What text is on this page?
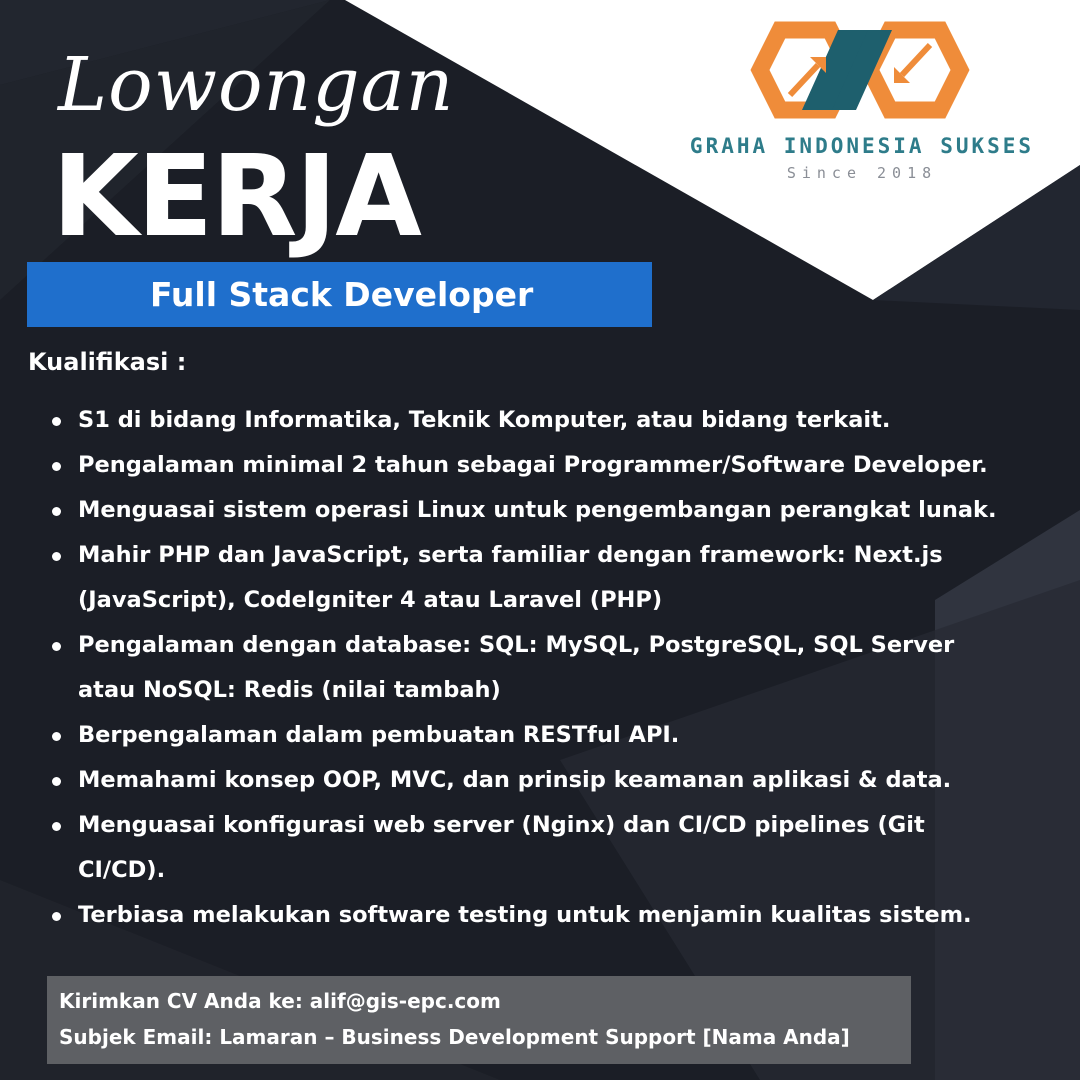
Lowongan
KERJA
Full Stack Developer
GRAHA INDONESIA SUKSES
Since 2018
Kualifikasi :
S1 di bidang Informatika, Teknik Komputer, atau bidang terkait.
Pengalaman minimal 2 tahun sebagai Programmer/Software Developer.
Menguasai sistem operasi Linux untuk pengembangan perangkat lunak.
Mahir PHP dan JavaScript, serta familiar dengan framework: Next.js
(JavaScript), CodeIgniter 4 atau Laravel (PHP)
Pengalaman dengan database: SQL: MySQL, PostgreSQL, SQL Server
atau NoSQL: Redis (nilai tambah)
Berpengalaman dalam pembuatan RESTful API.
Memahami konsep OOP, MVC, dan prinsip keamanan aplikasi & data.
Menguasai konfigurasi web server (Nginx) dan CI/CD pipelines (Git
CI/CD).
Terbiasa melakukan software testing untuk menjamin kualitas sistem.
Kirimkan CV Anda ke: alif@gis-epc.com
Subjek Email: Lamaran – Business Development Support [Nama Anda]
